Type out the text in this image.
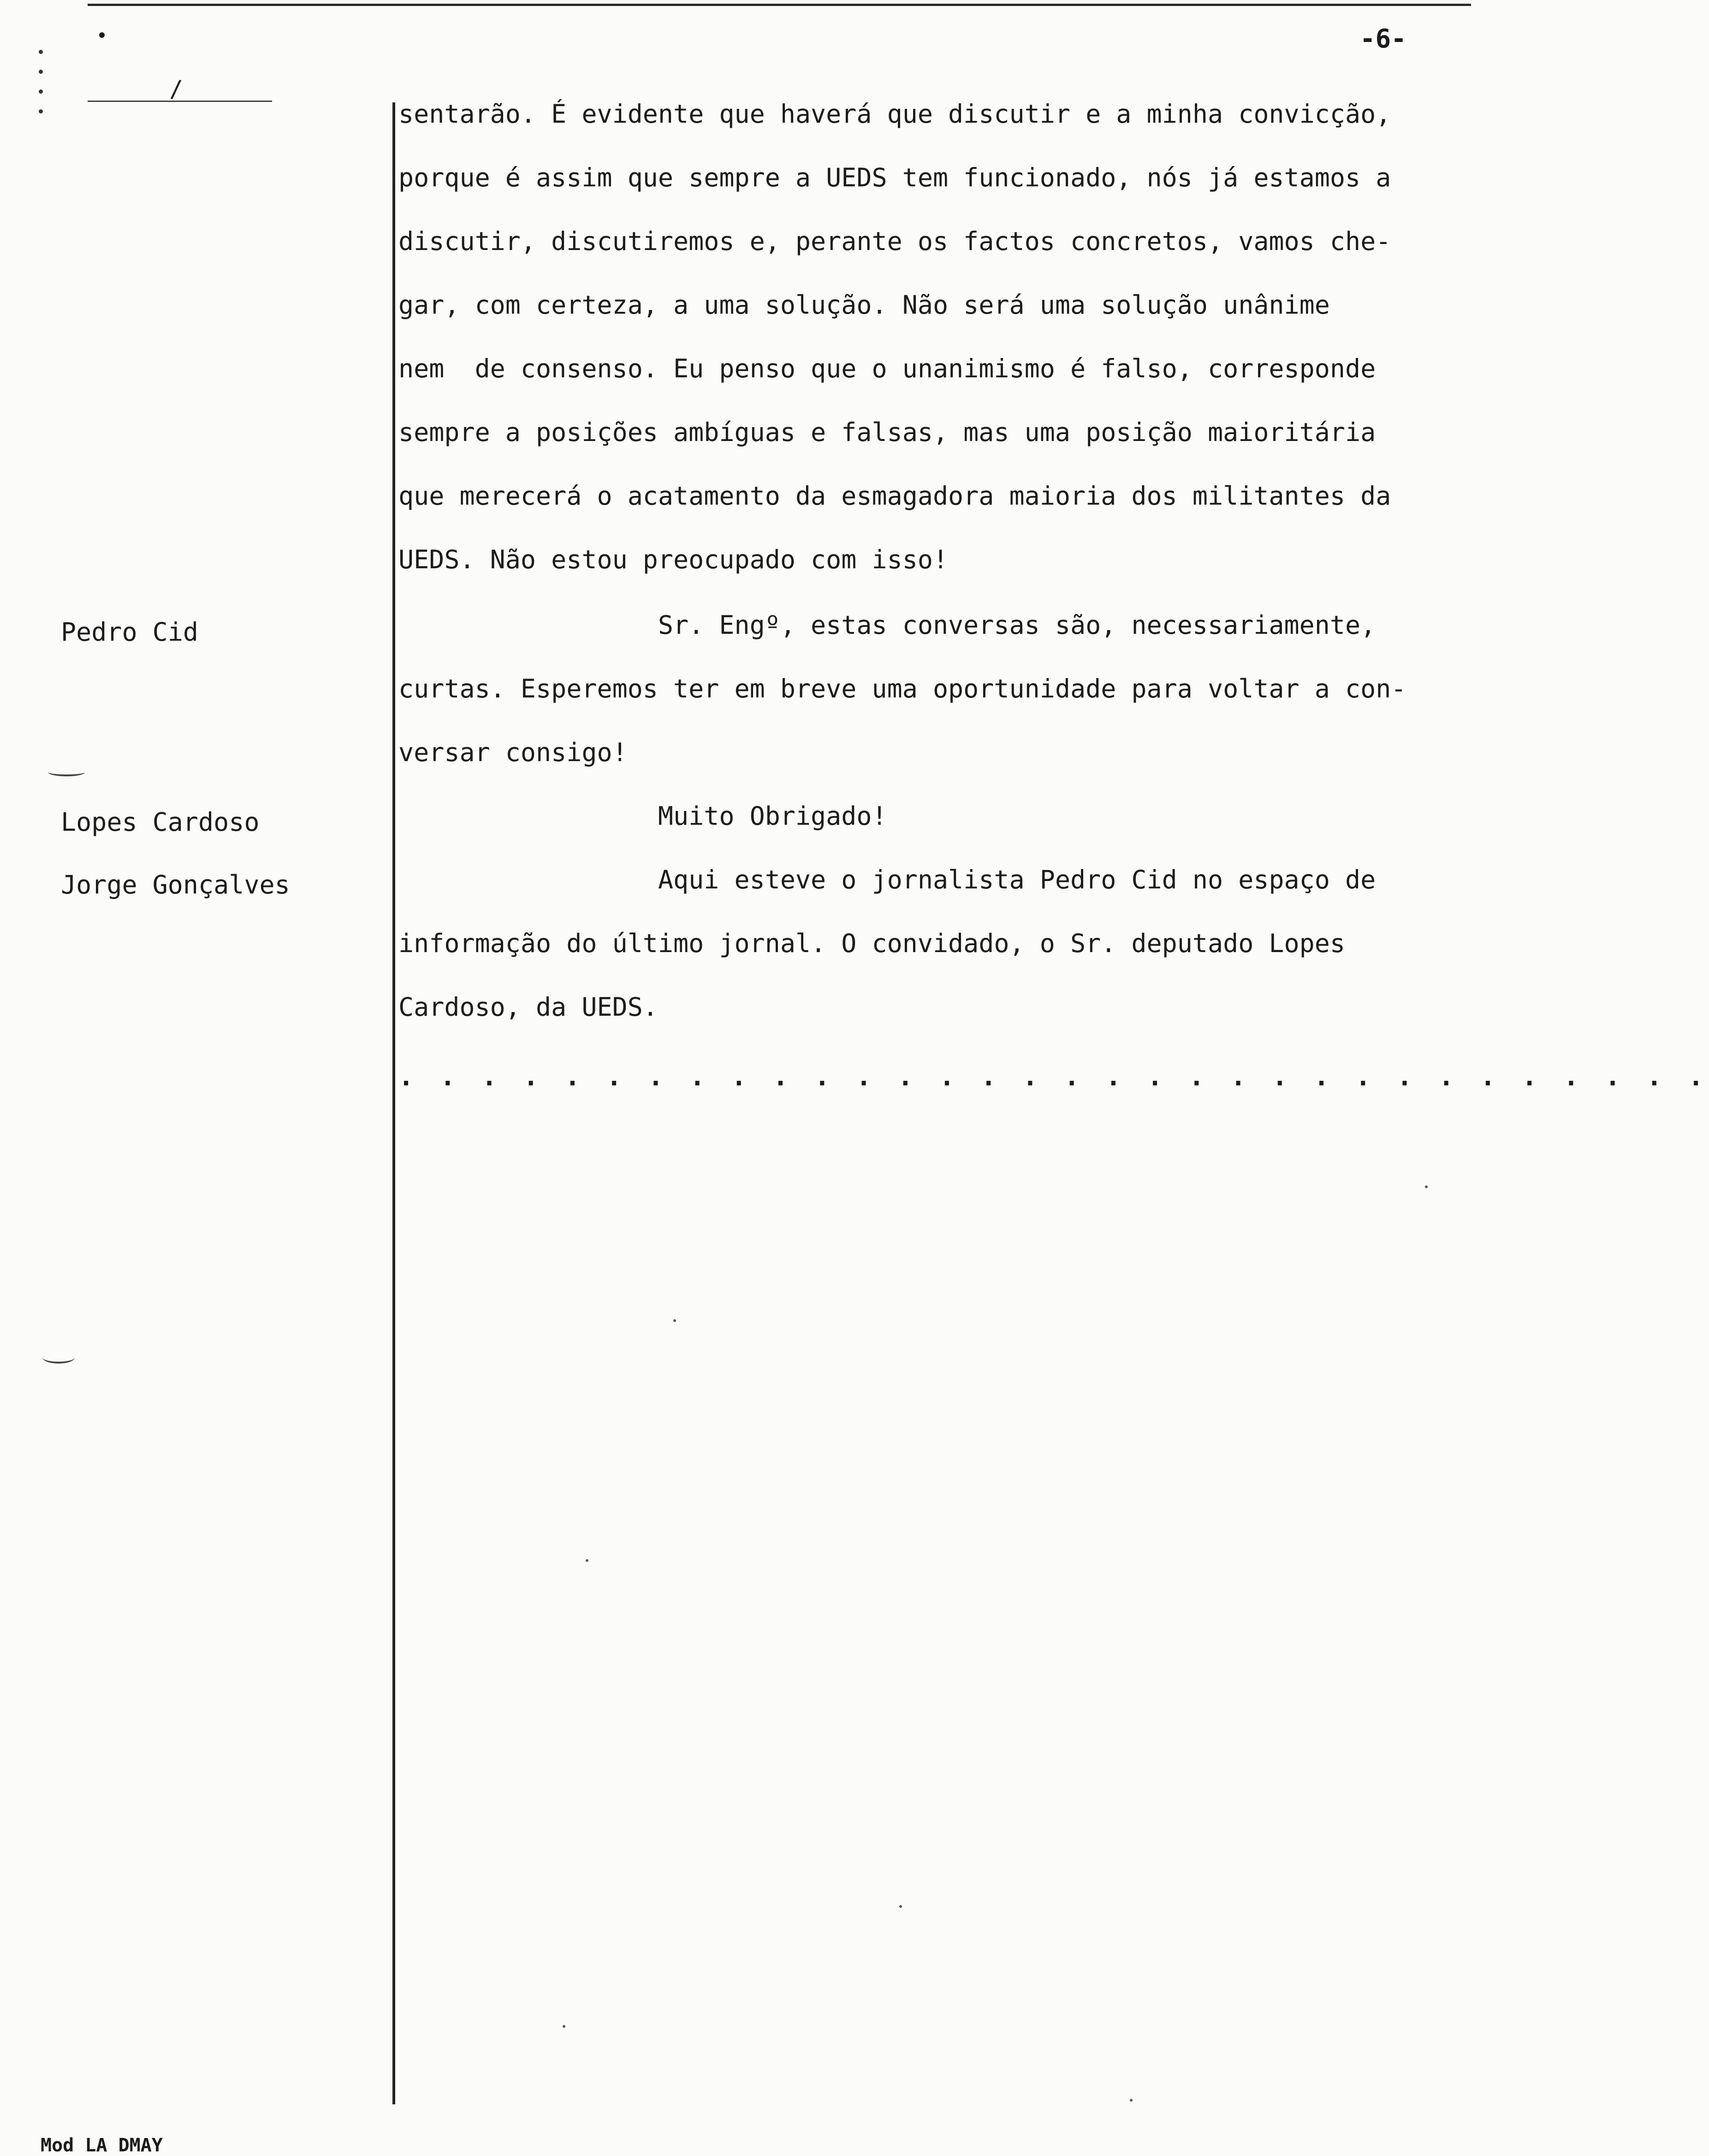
-6-
/
Pedro Cid
Lopes Cardoso
Jorge Gonçalves
sentarão. É evidente que haverá que discutir e a minha convicção,
porque é assim que sempre a UEDS tem funcionado, nós já estamos a
discutir, discutiremos e, perante os factos concretos, vamos che-
gar, com certeza, a uma solução. Não será uma solução unânime
nem  de consenso. Eu penso que o unanimismo é falso, corresponde
sempre a posições ambíguas e falsas, mas uma posição maioritária
que merecerá o acatamento da esmagadora maioria dos militantes da
UEDS. Não estou preocupado com isso!
Sr. Engº, estas conversas são, necessariamente,
curtas. Esperemos ter em breve uma oportunidade para voltar a con-
versar consigo!
Muito Obrigado!
Aqui esteve o jornalista Pedro Cid no espaço de
informação do último jornal. O convidado, o Sr. deputado Lopes
Cardoso, da UEDS.
. . . . . . . . . . . . . . . . . . . . . . . . . . . . . . . .
Mod LA DMAY
